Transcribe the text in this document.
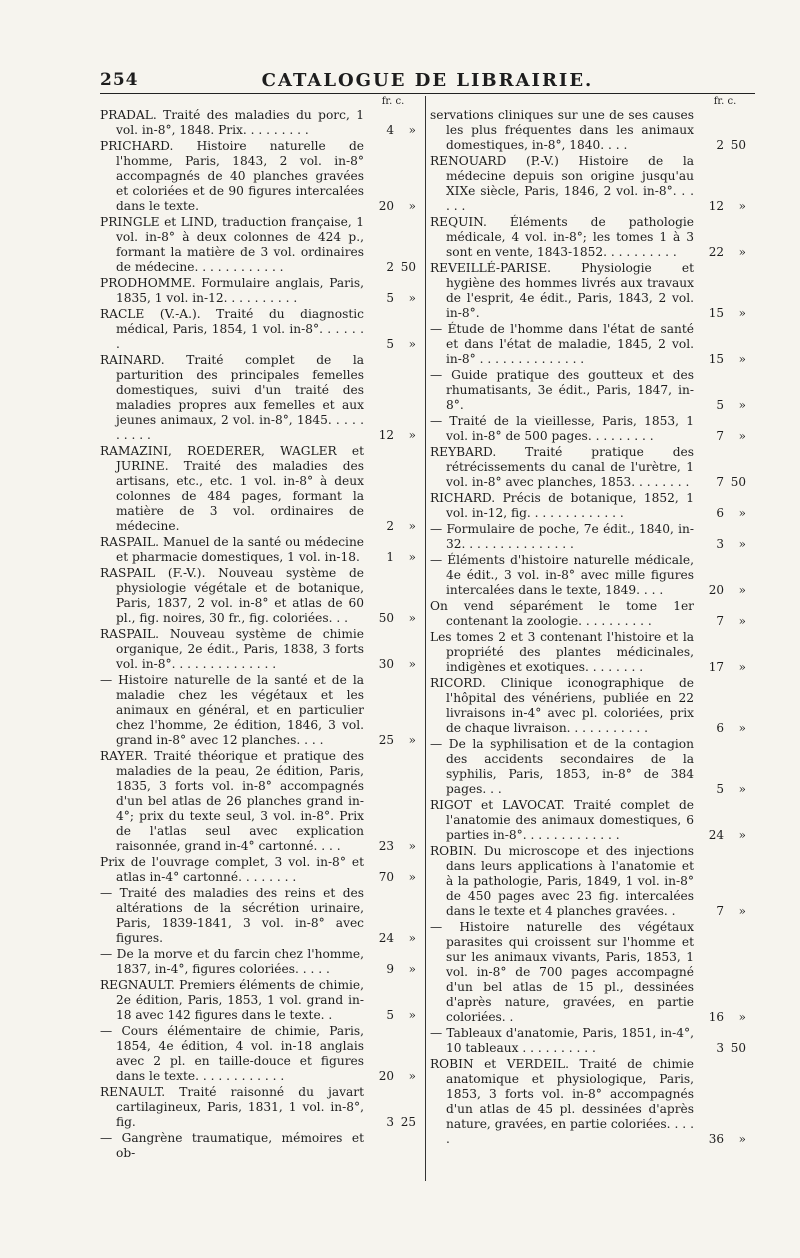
254	CATALOGUE DE LIBRAIRIE.
fr. c.
PRADAL. Traité des maladies du porc, 1 vol. in-8°, 1848. Prix. . . . . . . . .	4 »
PRICHARD. Histoire naturelle de l'homme, Paris, 1843, 2 vol. in-8° accompagnés de 40 planches gravées et coloriées et de 90 figures intercalées dans le texte.	20 »
PRINGLE et LIND, traduction française, 1 vol. in-8° à deux colonnes de 424 p., formant la matière de 3 vol. ordinaires de médecine. . . . . . . . . . . .	2 50
PRODHOMME. Formulaire anglais, Paris, 1835, 1 vol. in-12. . . . . . . . . .	5 »
RACLE (V.-A.). Traité du diagnostic médical, Paris, 1854, 1 vol. in-8°. . . . . . .	5 »
RAINARD. Traité complet de la parturition des principales femelles domestiques, suivi d'un traité des maladies propres aux femelles et aux jeunes animaux, 2 vol. in-8°, 1845. . . . . . . . . .	12 »
RAMAZINI, ROEDERER, WAGLER et JURINE. Traité des maladies des artisans, etc., etc. 1 vol. in-8° à deux colonnes de 484 pages, formant la matière de 3 vol. ordinaires de médecine.	2 »
RASPAIL. Manuel de la santé ou médecine et pharmacie domestiques, 1 vol. in-18.	1 »
RASPAIL (F.-V.). Nouveau système de physiologie végétale et de botanique, Paris, 1837, 2 vol. in-8° et atlas de 60 pl., fig. noires, 30 fr., fig. coloriées. . .	50 »
RASPAIL. Nouveau système de chimie organique, 2e édit., Paris, 1838, 3 forts vol. in-8°. . . . . . . . . . . . . .	30 »
— Histoire naturelle de la santé et de la maladie chez les végétaux et les animaux en général, et en particulier chez l'homme, 2e édition, 1846, 3 vol. grand in-8° avec 12 planches. . . .	25 »
RAYER. Traité théorique et pratique des maladies de la peau, 2e édition, Paris, 1835, 3 forts vol. in-8° accompagnés d'un bel atlas de 26 planches grand in-4°; prix du texte seul, 3 vol. in-8°. Prix de l'atlas seul avec explication raisonnée, grand in-4° cartonné. . . .	23 »
Prix de l'ouvrage complet, 3 vol. in-8° et atlas in-4° cartonné. . . . . . . .	70 »
— Traité des maladies des reins et des altérations de la sécrétion urinaire, Paris, 1839-1841, 3 vol. in-8° avec figures.	24 »
— De la morve et du farcin chez l'homme, 1837, in-4°, figures coloriées. . . . .	9 »
REGNAULT. Premiers éléments de chimie, 2e édition, Paris, 1853, 1 vol. grand in-18 avec 142 figures dans le texte. .	5 »
— Cours élémentaire de chimie, Paris, 1854, 4e édition, 4 vol. in-18 anglais avec 2 pl. en taille-douce et figures dans le texte. . . . . . . . . . . .	20 »
RENAULT. Traité raisonné du javart cartilagineux, Paris, 1831, 1 vol. in-8°, fig.	3 25
— Gangrène traumatique, mémoires et ob-
fr. c.
servations cliniques sur une de ses causes les plus fréquentes dans les animaux domestiques, in-8°, 1840. . . .	2 50
RENOUARD (P.-V.) Histoire de la médecine depuis son origine jusqu'au XIXe siècle, Paris, 1846, 2 vol. in-8°. . . . . .	12 »
REQUIN. Éléments de pathologie médicale, 4 vol. in-8°; les tomes 1 à 3 sont en vente, 1843-1852. . . . . . . . . .	22 »
REVEILLÉ-PARISE. Physiologie et hygiène des hommes livrés aux travaux de l'esprit, 4e édit., Paris, 1843, 2 vol. in-8°.	15 »
— Étude de l'homme dans l'état de santé et dans l'état de maladie, 1845, 2 vol. in-8° . . . . . . . . . . . . . .	15 »
— Guide pratique des goutteux et des rhumatisants, 3e édit., Paris, 1847, in-8°.	5 »
— Traité de la vieillesse, Paris, 1853, 1 vol. in-8° de 500 pages. . . . . . . . .	7 »
REYBARD. Traité pratique des rétrécissements du canal de l'urètre, 1 vol. in-8° avec planches, 1853. . . . . . . .	7 50
RICHARD. Précis de botanique, 1852, 1 vol. in-12, fig. . . . . . . . . . . . .	6 »
— Formulaire de poche, 7e édit., 1840, in-32. . . . . . . . . . . . . . .	3 »
— Éléments d'histoire naturelle médicale, 4e édit., 3 vol. in-8° avec mille figures intercalées dans le texte, 1849. . . .	20 »
On vend séparément le tome 1er contenant la zoologie. . . . . . . . . .	7 »
Les tomes 2 et 3 contenant l'histoire et la propriété des plantes médicinales, indigènes et exotiques. . . . . . . .	17 »
RICORD. Clinique iconographique de l'hôpital des vénériens, publiée en 22 livraisons in-4° avec pl. coloriées, prix de chaque livraison. . . . . . . . . . .	6 »
— De la syphilisation et de la contagion des accidents secondaires de la syphilis, Paris, 1853, in-8° de 384 pages. . .	5 »
RIGOT et LAVOCAT. Traité complet de l'anatomie des animaux domestiques, 6 parties in-8°. . . . . . . . . . . . .	24 »
ROBIN. Du microscope et des injections dans leurs applications à l'anatomie et à la pathologie, Paris, 1849, 1 vol. in-8° de 450 pages avec 23 fig. intercalées dans le texte et 4 planches gravées. .	7 »
— Histoire naturelle des végétaux parasites qui croissent sur l'homme et sur les animaux vivants, Paris, 1853, 1 vol. in-8° de 700 pages accompagné d'un bel atlas de 15 pl., dessinées d'après nature, gravées, en partie coloriées. .	16 »
— Tableaux d'anatomie, Paris, 1851, in-4°, 10 tableaux . . . . . . . . . .	3 50
ROBIN et VERDEIL. Traité de chimie anatomique et physiologique, Paris, 1853, 3 forts vol. in-8° accompagnés d'un atlas de 45 pl. dessinées d'après nature, gravées, en partie coloriées. . . . .	36 »
